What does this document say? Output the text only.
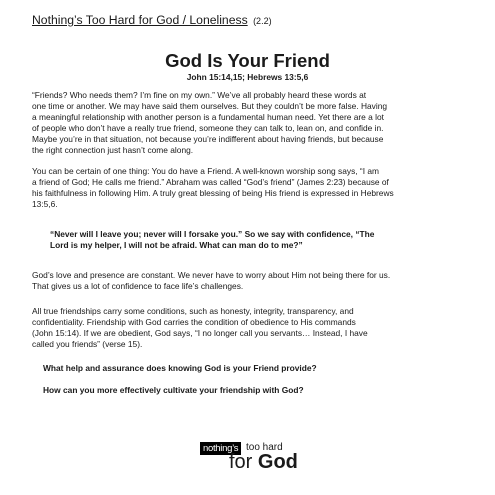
Nothing’s Too Hard for God / Loneliness (2.2)
God Is Your Friend
John 15:14,15; Hebrews 13:5,6
“Friends? Who needs them? I’m fine on my own.” We’ve all probably heard these words at
one time or another. We may have said them ourselves. But they couldn’t be more false. Having
a meaningful relationship with another person is a fundamental human need. Yet there are a lot
of people who don’t have a really true friend, someone they can talk to, lean on, and confide in.
Maybe you’re in that situation, not because you’re indifferent about having friends, but because
the right connection just hasn’t come along.
You can be certain of one thing: You do have a Friend. A well-known worship song says, “I am
a friend of God; He calls me friend.” Abraham was called “God’s friend” (James 2:23) because of
his faithfulness in following Him. A truly great blessing of being His friend is expressed in Hebrews
13:5,6.
“Never will I leave you; never will I forsake you.” So we say with confidence, “The
Lord is my helper, I will not be afraid. What can man do to me?”
God’s love and presence are constant. We never have to worry about Him not being there for us.
That gives us a lot of confidence to face life’s challenges.
All true friendships carry some conditions, such as honesty, integrity, transparency, and
confidentiality. Friendship with God carries the condition of obedience to His commands
(John 15:14). If we are obedient, God says, “I no longer call you servants… Instead, I have
called you friends” (verse 15).
What help and assurance does knowing God is your Friend provide?
How can you more effectively cultivate your friendship with God?
nothing’s too hard
for God
